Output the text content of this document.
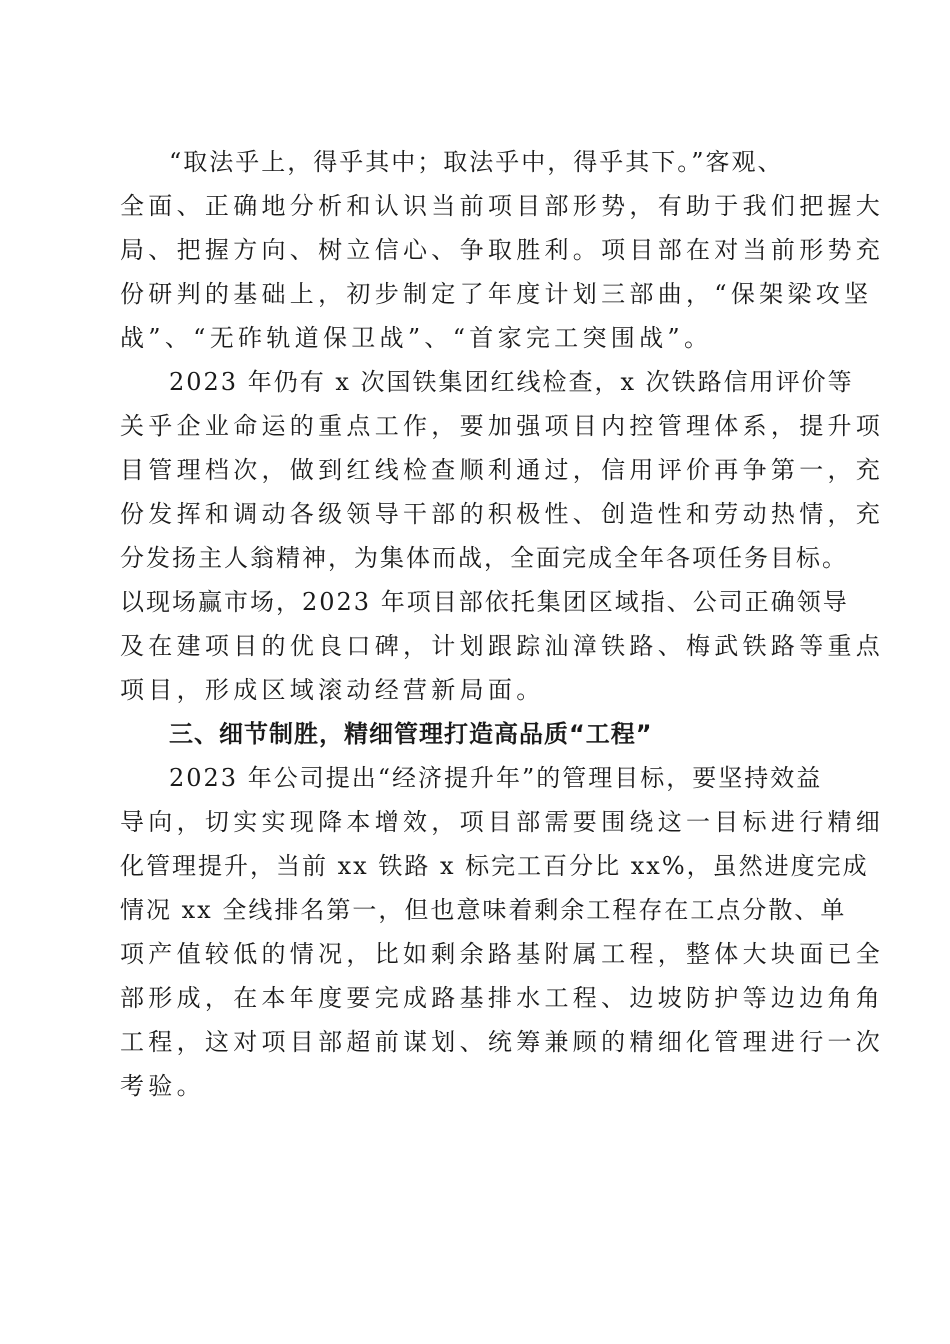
“取法乎上，得乎其中；取法乎中，得乎其下。”客观、
全面、正确地分析和认识当前项目部形势，有助于我们把握大
局、把握方向、树立信心、争取胜利。项目部在对当前形势充
份研判的基础上，初步制定了年度计划三部曲，“保架梁攻坚
战”、“无砟轨道保卫战”、“首家完工突围战”。
2023 年仍有 x 次国铁集团红线检查，x 次铁路信用评价等
关乎企业命运的重点工作，要加强项目内控管理体系，提升项
目管理档次，做到红线检查顺利通过，信用评价再争第一，充
份发挥和调动各级领导干部的积极性、创造性和劳动热情，充
分发扬主人翁精神，为集体而战，全面完成全年各项任务目标。
以现场赢市场，2023 年项目部依托集团区域指、公司正确领导
及在建项目的优良口碑，计划跟踪汕漳铁路、梅武铁路等重点
项目，形成区域滚动经营新局面。
三、细节制胜，精细管理打造高品质“工程”
2023 年公司提出“经济提升年”的管理目标，要坚持效益
导向，切实实现降本增效，项目部需要围绕这一目标进行精细
化管理提升，当前 xx 铁路 x 标完工百分比 xx%，虽然进度完成
情况 xx 全线排名第一，但也意味着剩余工程存在工点分散、单
项产值较低的情况，比如剩余路基附属工程，整体大块面已全
部形成，在本年度要完成路基排水工程、边坡防护等边边角角
工程，这对项目部超前谋划、统筹兼顾的精细化管理进行一次
考验。
